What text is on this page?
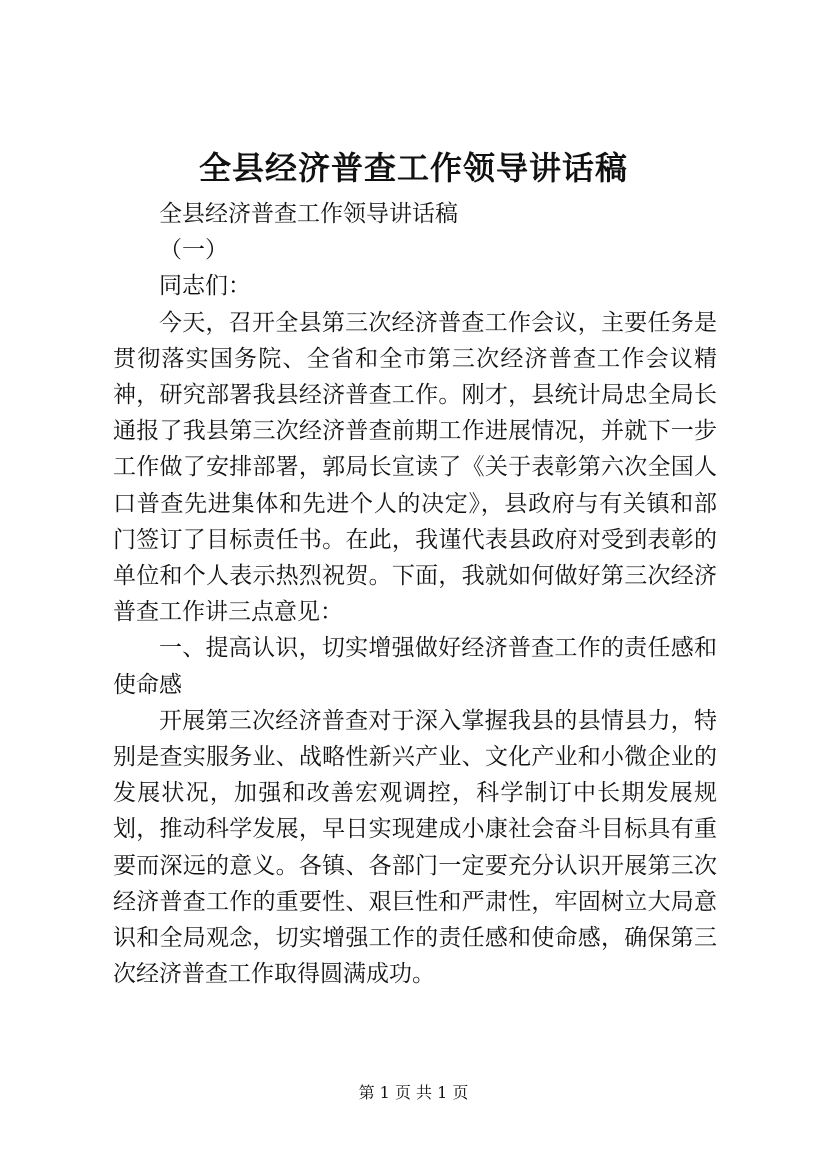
全县经济普查工作领导讲话稿

全县经济普查工作领导讲话稿

（一）

同志们：

今天，召开全县第三次经济普查工作会议，主要任务是贯彻落实国务院、全省和全市第三次经济普查工作会议精神，研究部署我县经济普查工作。刚才，县统计局忠全局长通报了我县第三次经济普查前期工作进展情况，并就下一步工作做了安排部署，郭局长宣读了《关于表彰第六次全国人口普查先进集体和先进个人的决定》，县政府与有关镇和部门签订了目标责任书。在此，我谨代表县政府对受到表彰的单位和个人表示热烈祝贺。下面，我就如何做好第三次经济普查工作讲三点意见：

一、提高认识，切实增强做好经济普查工作的责任感和使命感

开展第三次经济普查对于深入掌握我县的县情县力，特别是查实服务业、战略性新兴产业、文化产业和小微企业的发展状况，加强和改善宏观调控，科学制订中长期发展规划，推动科学发展，早日实现建成小康社会奋斗目标具有重要而深远的意义。各镇、各部门一定要充分认识开展第三次经济普查工作的重要性、艰巨性和严肃性，牢固树立大局意识和全局观念，切实增强工作的责任感和使命感，确保第三次经济普查工作取得圆满成功。

第 1 页 共 1 页
